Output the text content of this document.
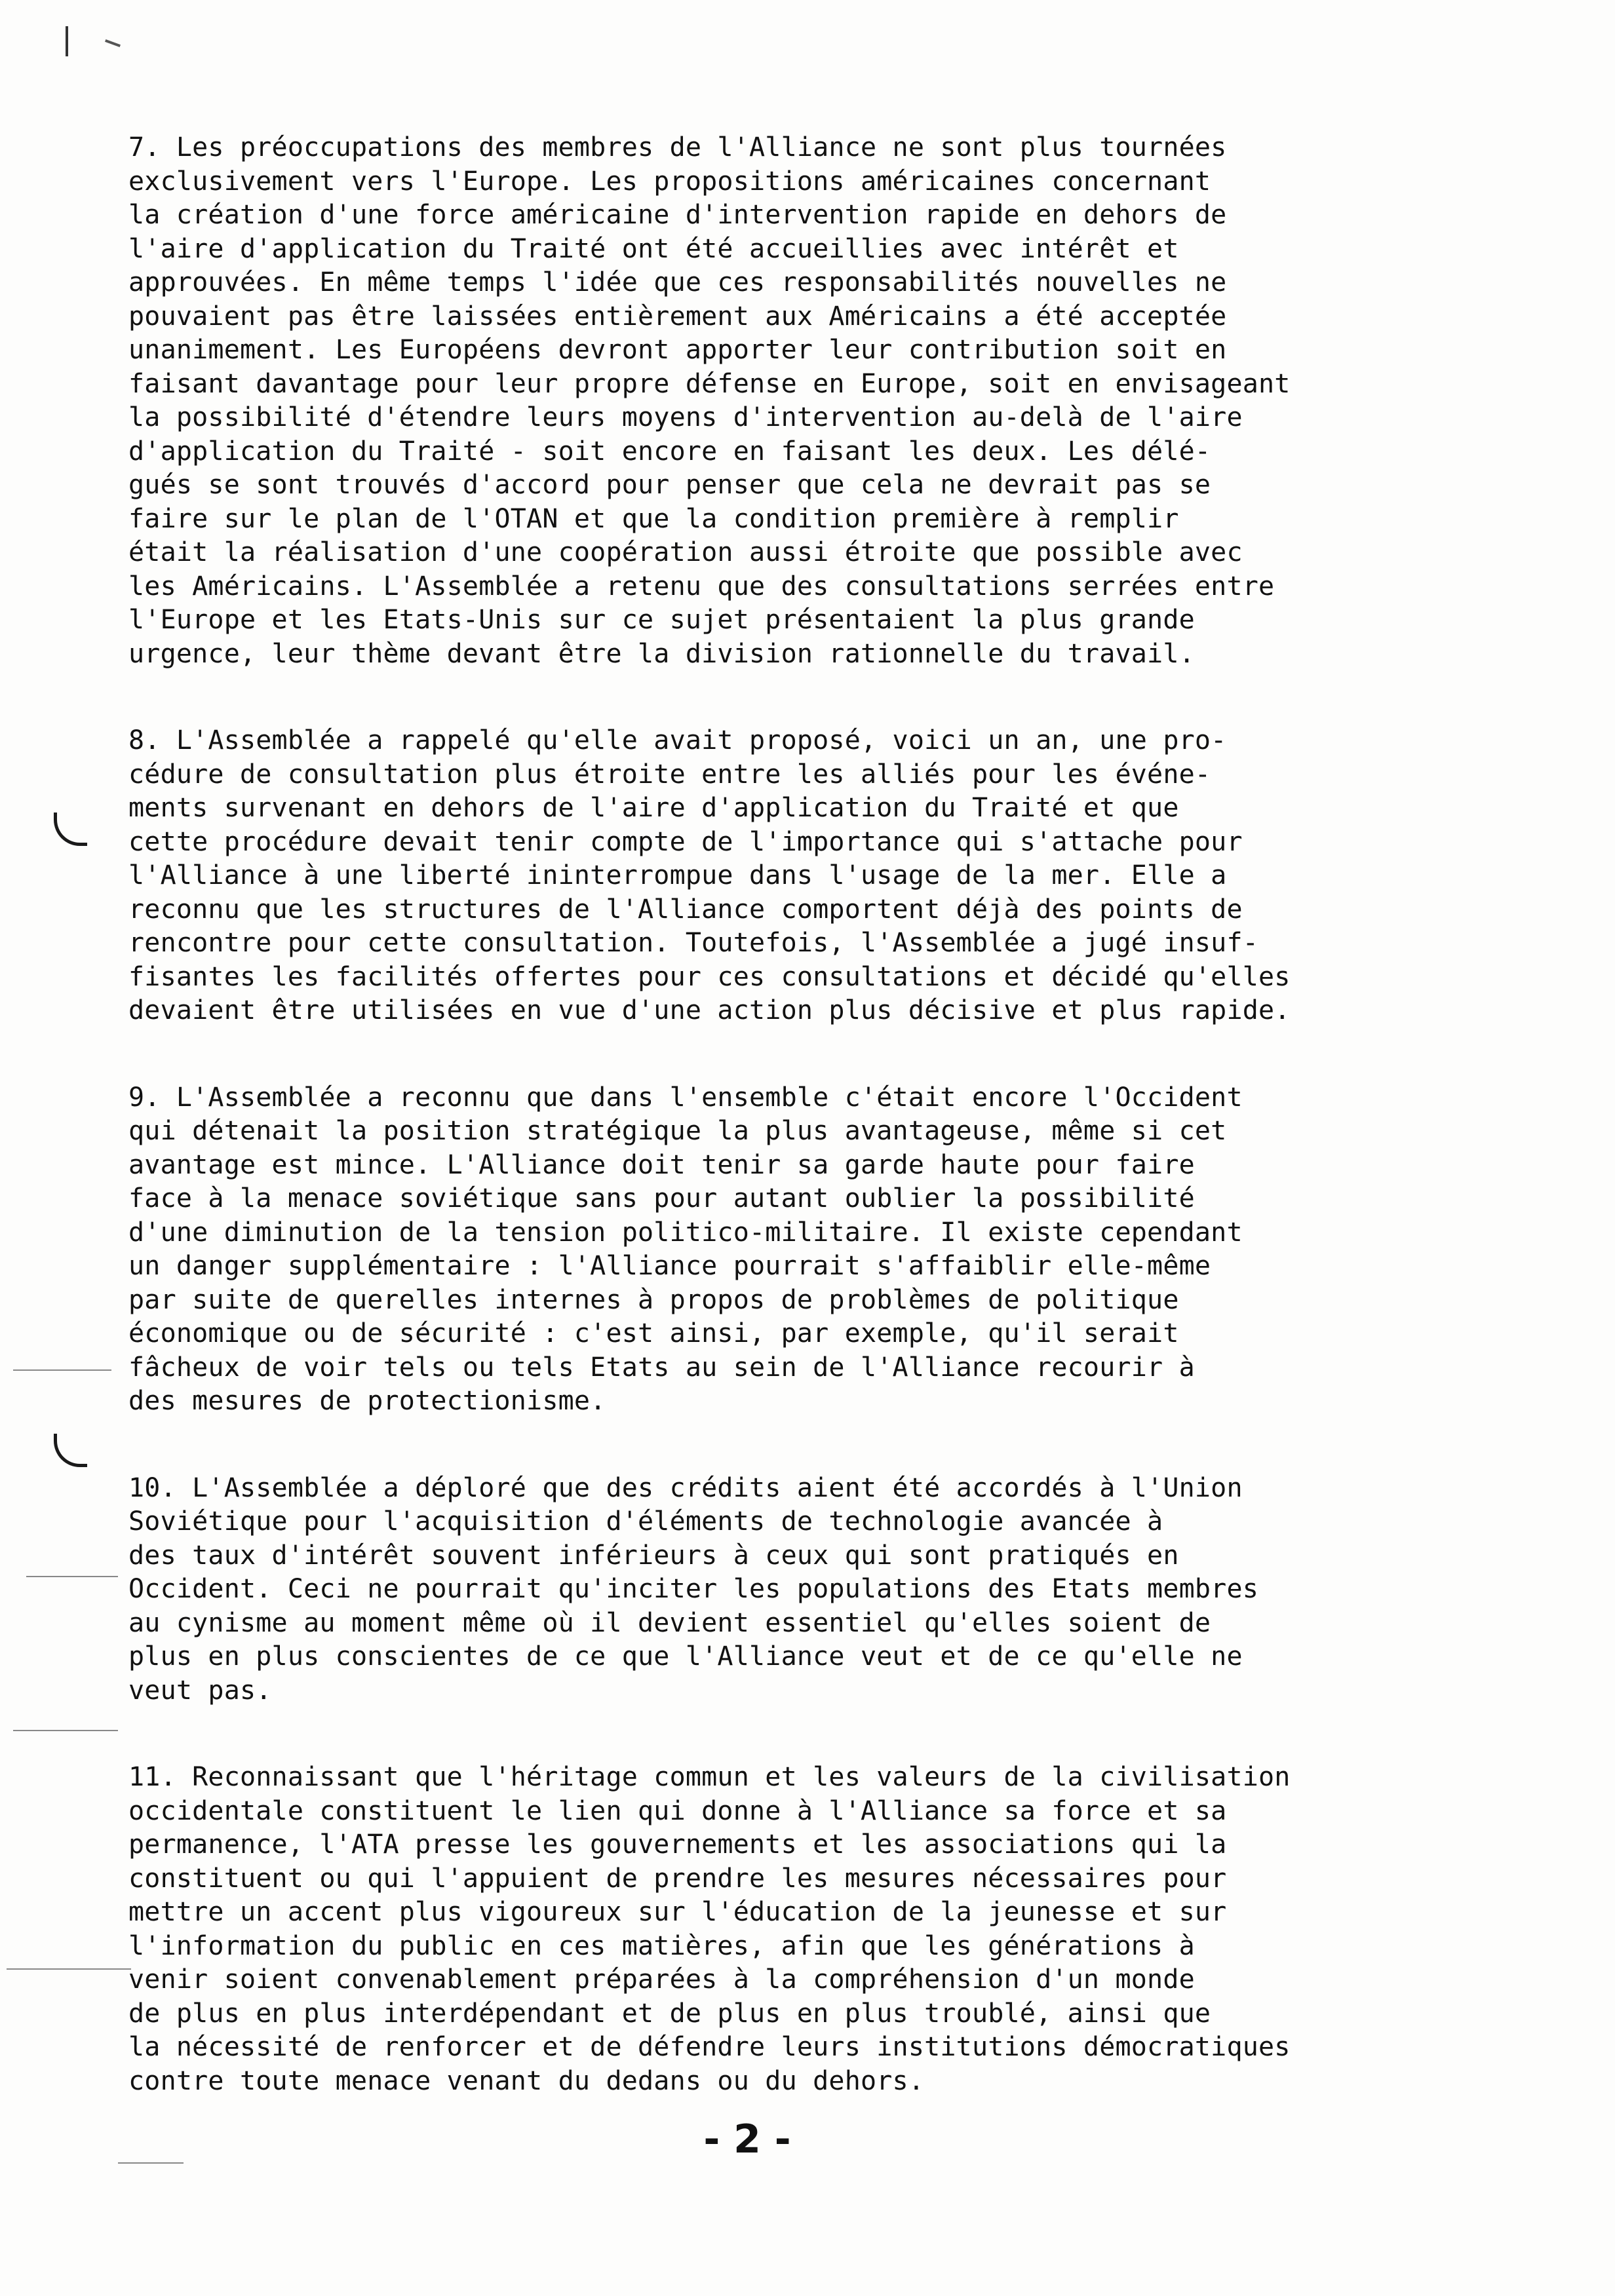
7. Les préoccupations des membres de l'Alliance ne sont plus tournées
exclusivement vers l'Europe. Les propositions américaines concernant
la création d'une force américaine d'intervention rapide en dehors de
l'aire d'application du Traité ont été accueillies avec intérêt et
approuvées. En même temps l'idée que ces responsabilités nouvelles ne
pouvaient pas être laissées entièrement aux Américains a été acceptée
unanimement. Les Européens devront apporter leur contribution soit en
faisant davantage pour leur propre défense en Europe, soit en envisageant
la possibilité d'étendre leurs moyens d'intervention au-delà de l'aire
d'application du Traité - soit encore en faisant les deux. Les délé-
gués se sont trouvés d'accord pour penser que cela ne devrait pas se
faire sur le plan de l'OTAN et que la condition première à remplir
était la réalisation d'une coopération aussi étroite que possible avec
les Américains. L'Assemblée a retenu que des consultations serrées entre
l'Europe et les Etats-Unis sur ce sujet présentaient la plus grande
urgence, leur thème devant être la division rationnelle du travail.
8. L'Assemblée a rappelé qu'elle avait proposé, voici un an, une pro-
cédure de consultation plus étroite entre les alliés pour les événe-
ments survenant en dehors de l'aire d'application du Traité et que
cette procédure devait tenir compte de l'importance qui s'attache pour
l'Alliance à une liberté ininterrompue dans l'usage de la mer. Elle a
reconnu que les structures de l'Alliance comportent déjà des points de
rencontre pour cette consultation. Toutefois, l'Assemblée a jugé insuf-
fisantes les facilités offertes pour ces consultations et décidé qu'elles
devaient être utilisées en vue d'une action plus décisive et plus rapide.
9. L'Assemblée a reconnu que dans l'ensemble c'était encore l'Occident
qui détenait la position stratégique la plus avantageuse, même si cet
avantage est mince. L'Alliance doit tenir sa garde haute pour faire
face à la menace soviétique sans pour autant oublier la possibilité
d'une diminution de la tension politico-militaire. Il existe cependant
un danger supplémentaire : l'Alliance pourrait s'affaiblir elle-même
par suite de querelles internes à propos de problèmes de politique
économique ou de sécurité : c'est ainsi, par exemple, qu'il serait
fâcheux de voir tels ou tels Etats au sein de l'Alliance recourir à
des mesures de protectionisme.
10. L'Assemblée a déploré que des crédits aient été accordés à l'Union
Soviétique pour l'acquisition d'éléments de technologie avancée à
des taux d'intérêt souvent inférieurs à ceux qui sont pratiqués en
Occident. Ceci ne pourrait qu'inciter les populations des Etats membres
au cynisme au moment même où il devient essentiel qu'elles soient de
plus en plus conscientes de ce que l'Alliance veut et de ce qu'elle ne
veut pas.
11. Reconnaissant que l'héritage commun et les valeurs de la civilisation
occidentale constituent le lien qui donne à l'Alliance sa force et sa
permanence, l'ATA presse les gouvernements et les associations qui la
constituent ou qui l'appuient de prendre les mesures nécessaires pour
mettre un accent plus vigoureux sur l'éducation de la jeunesse et sur
l'information du public en ces matières, afin que les générations à
venir soient convenablement préparées à la compréhension d'un monde
de plus en plus interdépendant et de plus en plus troublé, ainsi que
la nécessité de renforcer et de défendre leurs institutions démocratiques
contre toute menace venant du dedans ou du dehors.
- 2 -
